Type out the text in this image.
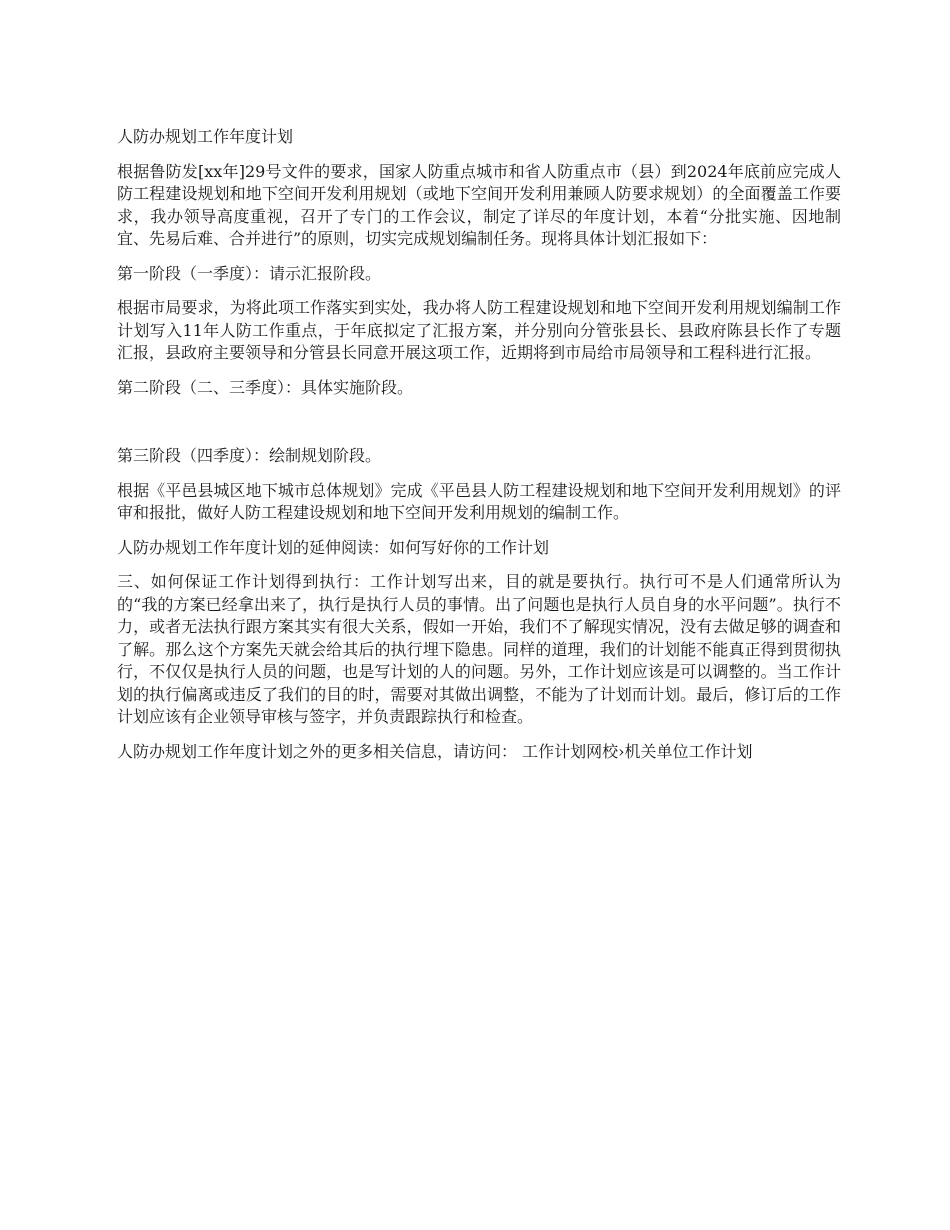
人防办规划工作年度计划

根据鲁防发[xx年]29号文件的要求，国家人防重点城市和省人防重点市（县）到2024年底前应完成人防工程建设规划和地下空间开发利用规划（或地下空间开发利用兼顾人防要求规划）的全面覆盖工作要求，我办领导高度重视，召开了专门的工作会议，制定了详尽的年度计划，本着“分批实施、因地制宜、先易后难、合并进行”的原则，切实完成规划编制任务。现将具体计划汇报如下：

第一阶段（一季度）：请示汇报阶段。

根据市局要求，为将此项工作落实到实处，我办将人防工程建设规划和地下空间开发利用规划编制工作计划写入11年人防工作重点，于年底拟定了汇报方案，并分别向分管张县长、县政府陈县长作了专题汇报，县政府主要领导和分管县长同意开展这项工作，近期将到市局给市局领导和工程科进行汇报。

第二阶段（二、三季度）：具体实施阶段。

第三阶段（四季度）：绘制规划阶段。

根据《平邑县城区地下城市总体规划》完成《平邑县人防工程建设规划和地下空间开发利用规划》的评审和报批，做好人防工程建设规划和地下空间开发利用规划的编制工作。

人防办规划工作年度计划的延伸阅读：如何写好你的工作计划

三、如何保证工作计划得到执行：工作计划写出来，目的就是要执行。执行可不是人们通常所认为的“我的方案已经拿出来了，执行是执行人员的事情。出了问题也是执行人员自身的水平问题”。执行不力，或者无法执行跟方案其实有很大关系，假如一开始，我们不了解现实情况，没有去做足够的调查和了解。那么这个方案先天就会给其后的执行埋下隐患。同样的道理，我们的计划能不能真正得到贯彻执行，不仅仅是执行人员的问题，也是写计划的人的问题。另外，工作计划应该是可以调整的。当工作计划的执行偏离或违反了我们的目的时，需要对其做出调整，不能为了计划而计划。最后，修订后的工作计划应该有企业领导审核与签字，并负责跟踪执行和检查。

人防办规划工作年度计划之外的更多相关信息，请访问： 工作计划网校›机关单位工作计划
